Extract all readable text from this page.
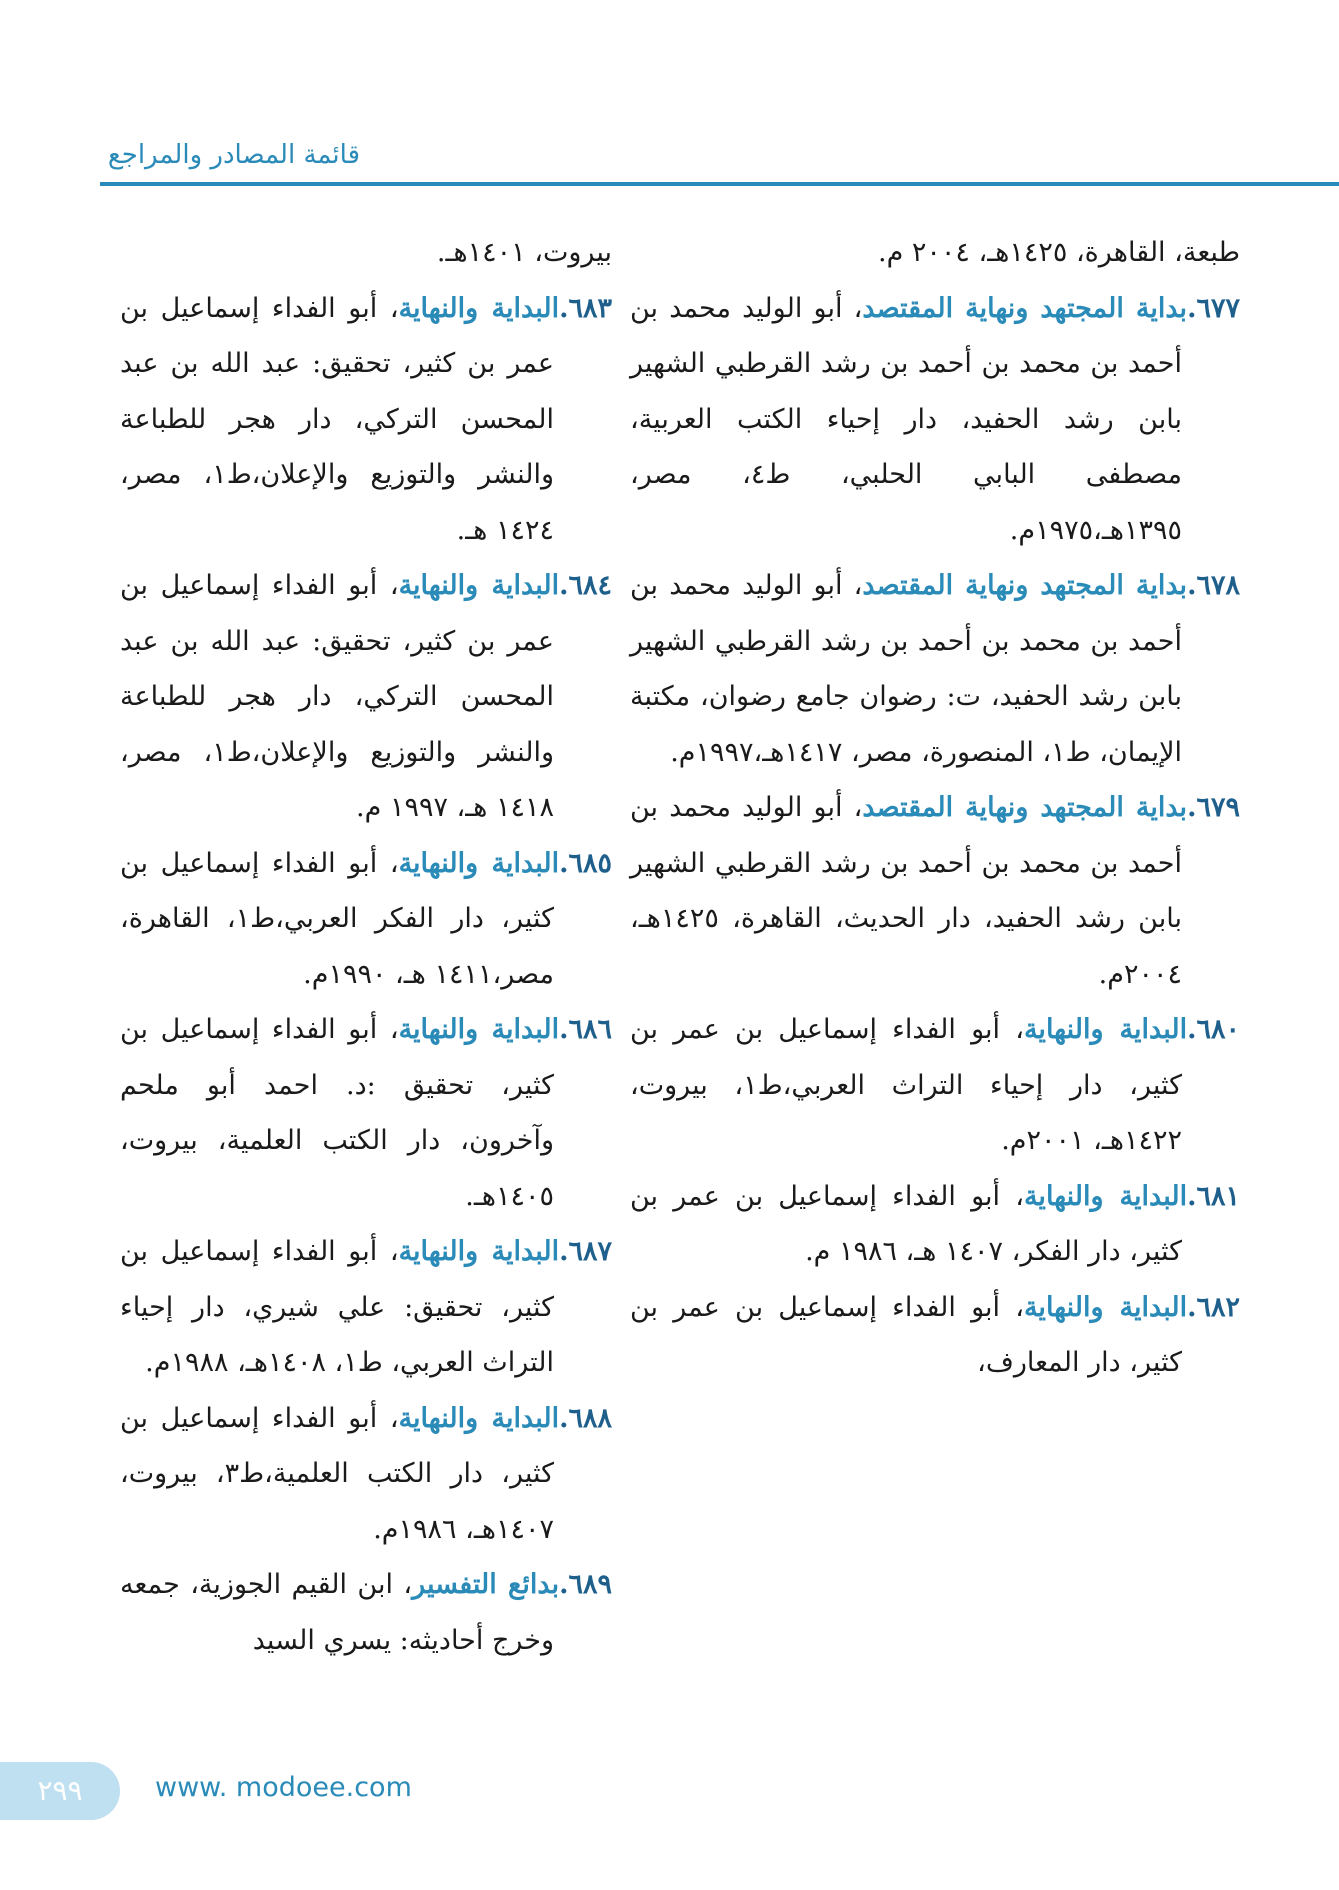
قائمة المصادر والمراجع

طبعة، القاهرة، ١٤٢٥هـ، ٢٠٠٤ م.

٦٧٧.بداية المجتهد ونهاية المقتصد، أبو الوليد محمد بن أحمد بن محمد بن أحمد بن رشد القرطبي الشهير بابن رشد الحفيد، دار إحياء الكتب العربية، مصطفى البابي الحلبي، ط٤، مصر، ١٣٩٥هـ،١٩٧٥م.

٦٧٨.بداية المجتهد ونهاية المقتصد، أبو الوليد محمد بن أحمد بن محمد بن أحمد بن رشد القرطبي الشهير بابن رشد الحفيد، ت: رضوان جامع رضوان، مكتبة الإيمان، ط١، المنصورة، مصر، ١٤١٧هـ،١٩٩٧م.

٦٧٩.بداية المجتهد ونهاية المقتصد، أبو الوليد محمد بن أحمد بن محمد بن أحمد بن رشد القرطبي الشهير بابن رشد الحفيد، دار الحديث، القاهرة، ١٤٢٥هـ، ٢٠٠٤م.

٦٨٠.البداية والنهاية، أبو الفداء إسماعيل بن عمر بن كثير، دار إحياء التراث العربي،ط١، بيروت، ١٤٢٢هـ، ٢٠٠١م.

٦٨١.البداية والنهاية، أبو الفداء إسماعيل بن عمر بن كثير، دار الفكر، ١٤٠٧ هـ، ١٩٨٦ م.

٦٨٢.البداية والنهاية، أبو الفداء إسماعيل بن عمر بن كثير، دار المعارف،

بيروت، ١٤٠١هـ.

٦٨٣.البداية والنهاية، أبو الفداء إسماعيل بن عمر بن كثير، تحقيق: عبد الله بن عبد المحسن التركي، دار هجر للطباعة والنشر والتوزيع والإعلان،ط١، مصر، ١٤٢٤ هـ.

٦٨٤.البداية والنهاية، أبو الفداء إسماعيل بن عمر بن كثير، تحقيق: عبد الله بن عبد المحسن التركي، دار هجر للطباعة والنشر والتوزيع والإعلان،ط١، مصر، ١٤١٨ هـ، ١٩٩٧ م.

٦٨٥.البداية والنهاية، أبو الفداء إسماعيل بن كثير، دار الفكر العربي،ط١، القاهرة، مصر،١٤١١ هـ، ١٩٩٠م.

٦٨٦.البداية والنهاية، أبو الفداء إسماعيل بن كثير، تحقيق :د. احمد أبو ملحم وآخرون، دار الكتب العلمية، بيروت، ١٤٠٥هـ.

٦٨٧.البداية والنهاية، أبو الفداء إسماعيل بن كثير، تحقيق: علي شيري، دار إحياء التراث العربي، ط١، ١٤٠٨هـ، ١٩٨٨م.

٦٨٨.البداية والنهاية، أبو الفداء إسماعيل بن كثير، دار الكتب العلمية،ط٣، بيروت، ١٤٠٧هـ، ١٩٨٦م.

٦٨٩.بدائع التفسير، ابن القيم الجوزية، جمعه وخرج أحاديثه: يسري السيد

٢٩٩	www. modoee.com
